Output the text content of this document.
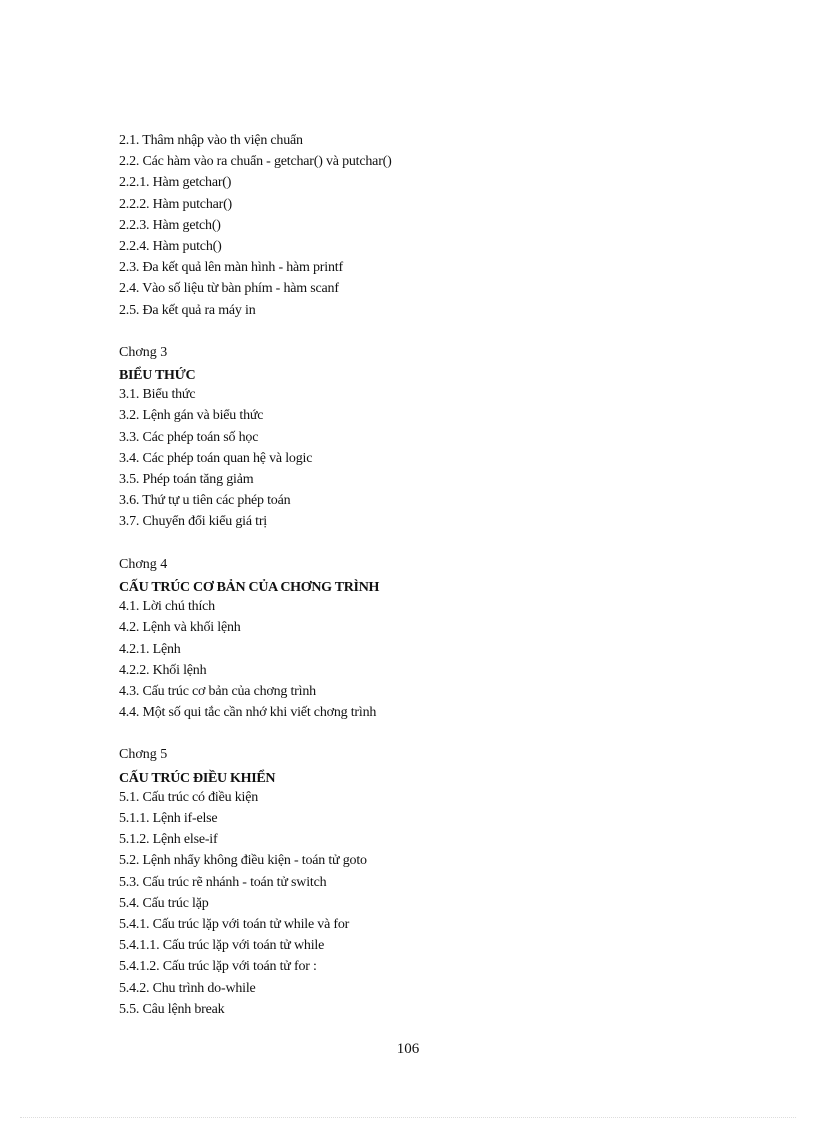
2.1. Thâm nhập vào th viện chuẩn
2.2. Các hàm vào ra chuẩn - getchar() và putchar()
2.2.1. Hàm getchar()
2.2.2. Hàm putchar()
2.2.3. Hàm getch()
2.2.4. Hàm putch()
2.3. Đa kết quả lên màn hình - hàm printf
2.4. Vào số liệu từ bàn phím - hàm scanf
2.5. Đa kết quả ra máy in
Chơng 3
BIỂU THỨC
3.1. Biểu thức
3.2. Lệnh gán và biểu thức
3.3. Các phép toán số học
3.4. Các phép toán quan hệ và logic
3.5. Phép toán tăng giảm
3.6. Thứ tự u tiên các phép toán
3.7. Chuyển đổi kiểu giá trị
Chơng 4
CẤU TRÚC CƠ BẢN CỦA CHƠNG TRÌNH
4.1. Lời chú thích
4.2. Lệnh và khối lệnh
4.2.1. Lệnh
4.2.2. Khối lệnh
4.3. Cấu trúc cơ bản của chơng trình
4.4. Một số qui tắc cần nhớ khi viết chơng trình
Chơng 5
CẤU TRÚC ĐIỀU KHIỂN
5.1. Cấu trúc có điều kiện
5.1.1. Lệnh if-else
5.1.2. Lệnh else-if
5.2. Lệnh nhẩy không điều kiện - toán tử goto
5.3. Cấu trúc rẽ nhánh - toán tử switch
5.4. Cấu trúc lặp
5.4.1. Cấu trúc lặp với toán tử while và for
5.4.1.1. Cấu trúc lặp với toán tử while
5.4.1.2. Cấu trúc lặp với toán tử for :
5.4.2. Chu trình do-while
5.5. Câu lệnh break
106
